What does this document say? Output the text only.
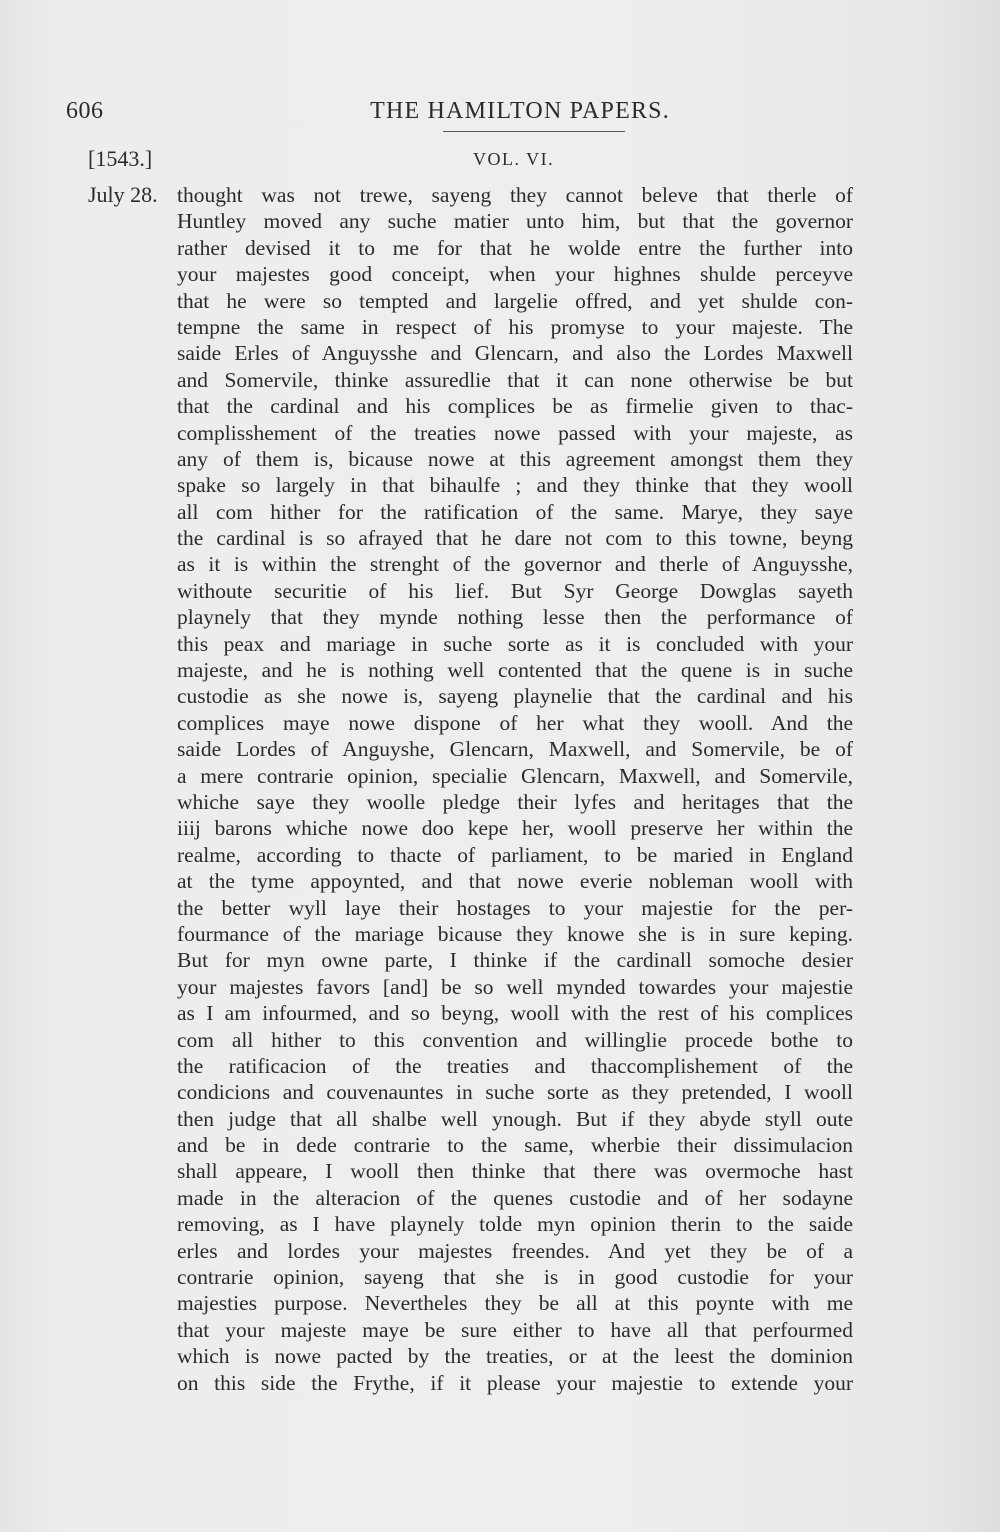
606	THE HAMILTON PAPERS.
[1543.]	VOL. VI.
July 28. thought was not trewe, sayeng they cannot beleve that therle of
Huntley moved any suche matier unto him, but that the governor
rather devised it to me for that he wolde entre the further into
your majestes good conceipt, when your highnes shulde perceyve
that he were so tempted and largelie offred, and yet shulde con-
tempne the same in respect of his promyse to your majeste. The
saide Erles of Anguysshe and Glencarn, and also the Lordes Maxwell
and Somervile, thinke assuredlie that it can none otherwise be but
that the cardinal and his complices be as firmelie given to thac-
complisshement of the treaties nowe passed with your majeste, as
any of them is, bicause nowe at this agreement amongst them they
spake so largely in that bihaulfe ; and they thinke that they wooll
all com hither for the ratification of the same. Marye, they saye
the cardinal is so afrayed that he dare not com to this towne, beyng
as it is within the strenght of the governor and therle of Anguysshe,
withoute securitie of his lief. But Syr George Dowglas sayeth
playnely that they mynde nothing lesse then the performance of
this peax and mariage in suche sorte as it is concluded with your
majeste, and he is nothing well contented that the quene is in suche
custodie as she nowe is, sayeng playnelie that the cardinal and his
complices maye nowe dispone of her what they wooll. And the
saide Lordes of Anguyshe, Glencarn, Maxwell, and Somervile, be of
a mere contrarie opinion, specialie Glencarn, Maxwell, and Somervile,
whiche saye they woolle pledge their lyfes and heritages that the
iiij barons whiche nowe doo kepe her, wooll preserve her within the
realme, according to thacte of parliament, to be maried in England
at the tyme appoynted, and that nowe everie nobleman wooll with
the better wyll laye their hostages to your majestie for the per-
fourmance of the mariage bicause they knowe she is in sure keping.
But for myn owne parte, I thinke if the cardinall somoche desier
your majestes favors [and] be so well mynded towardes your majestie
as I am infourmed, and so beyng, wooll with the rest of his complices
com all hither to this convention and willinglie procede bothe to
the ratificacion of the treaties and thaccomplishement of the
condicions and couvenauntes in suche sorte as they pretended, I wooll
then judge that all shalbe well ynough. But if they abyde styll oute
and be in dede contrarie to the same, wherbie their dissimulacion
shall appeare, I wooll then thinke that there was overmoche hast
made in the alteracion of the quenes custodie and of her sodayne
removing, as I have playnely tolde myn opinion therin to the saide
erles and lordes your majestes freendes. And yet they be of a
contrarie opinion, sayeng that she is in good custodie for your
majesties purpose. Nevertheles they be all at this poynte with me
that your majeste maye be sure either to have all that perfourmed
which is nowe pacted by the treaties, or at the leest the dominion
on this side the Frythe, if it please your majestie to extende your
